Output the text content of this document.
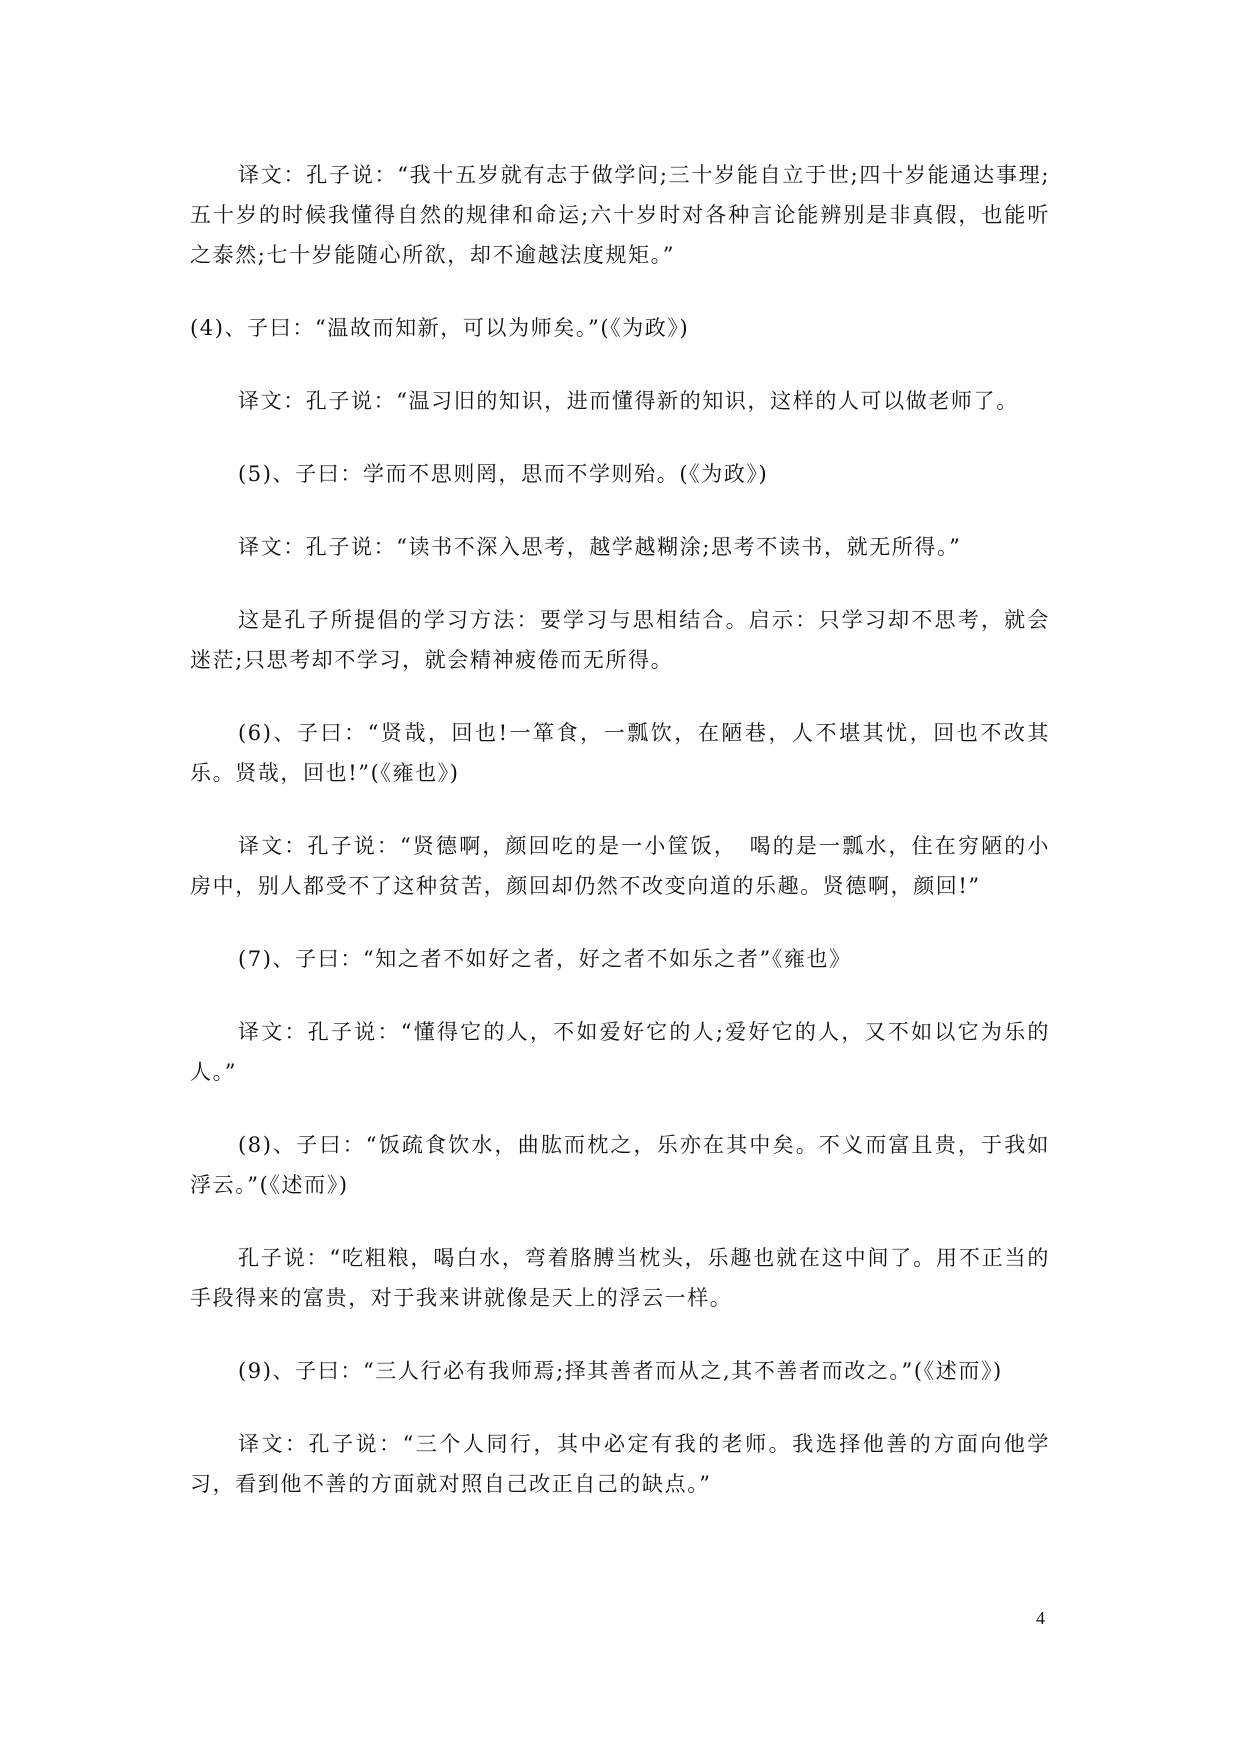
译文：孔子说：“我十五岁就有志于做学问;三十岁能自立于世;四十岁能通达事理;五十岁的时候我懂得自然的规律和命运;六十岁时对各种言论能辨别是非真假，也能听之泰然;七十岁能随心所欲，却不逾越法度规矩。”

(4)、子曰：“温故而知新，可以为师矣。”(《为政》)

译文：孔子说：“温习旧的知识，进而懂得新的知识，这样的人可以做老师了。

(5)、子曰：学而不思则罔，思而不学则殆。(《为政》)

译文：孔子说：“读书不深入思考，越学越糊涂;思考不读书，就无所得。”

这是孔子所提倡的学习方法：要学习与思相结合。启示：只学习却不思考，就会迷茫;只思考却不学习，就会精神疲倦而无所得。

(6)、子曰：“贤哉，回也!一箪食，一瓢饮，在陋巷，人不堪其忧，回也不改其乐。贤哉，回也!”(《雍也》)

译文：孔子说：“贤德啊，颜回吃的是一小筐饭，　喝的是一瓢水，住在穷陋的小房中，别人都受不了这种贫苦，颜回却仍然不改变向道的乐趣。贤德啊，颜回!”

(7)、子曰：“知之者不如好之者，好之者不如乐之者”《雍也》

译文：孔子说：“懂得它的人，不如爱好它的人;爱好它的人，又不如以它为乐的人。”

(8)、子曰：“饭疏食饮水，曲肱而枕之，乐亦在其中矣。不义而富且贵，于我如浮云。”(《述而》)

孔子说：“吃粗粮，喝白水，弯着胳膊当枕头，乐趣也就在这中间了。用不正当的手段得来的富贵，对于我来讲就像是天上的浮云一样。

(9)、子曰：“三人行必有我师焉;择其善者而从之,其不善者而改之。”(《述而》)

译文：孔子说：“三个人同行，其中必定有我的老师。我选择他善的方面向他学习，看到他不善的方面就对照自己改正自己的缺点。”

4
